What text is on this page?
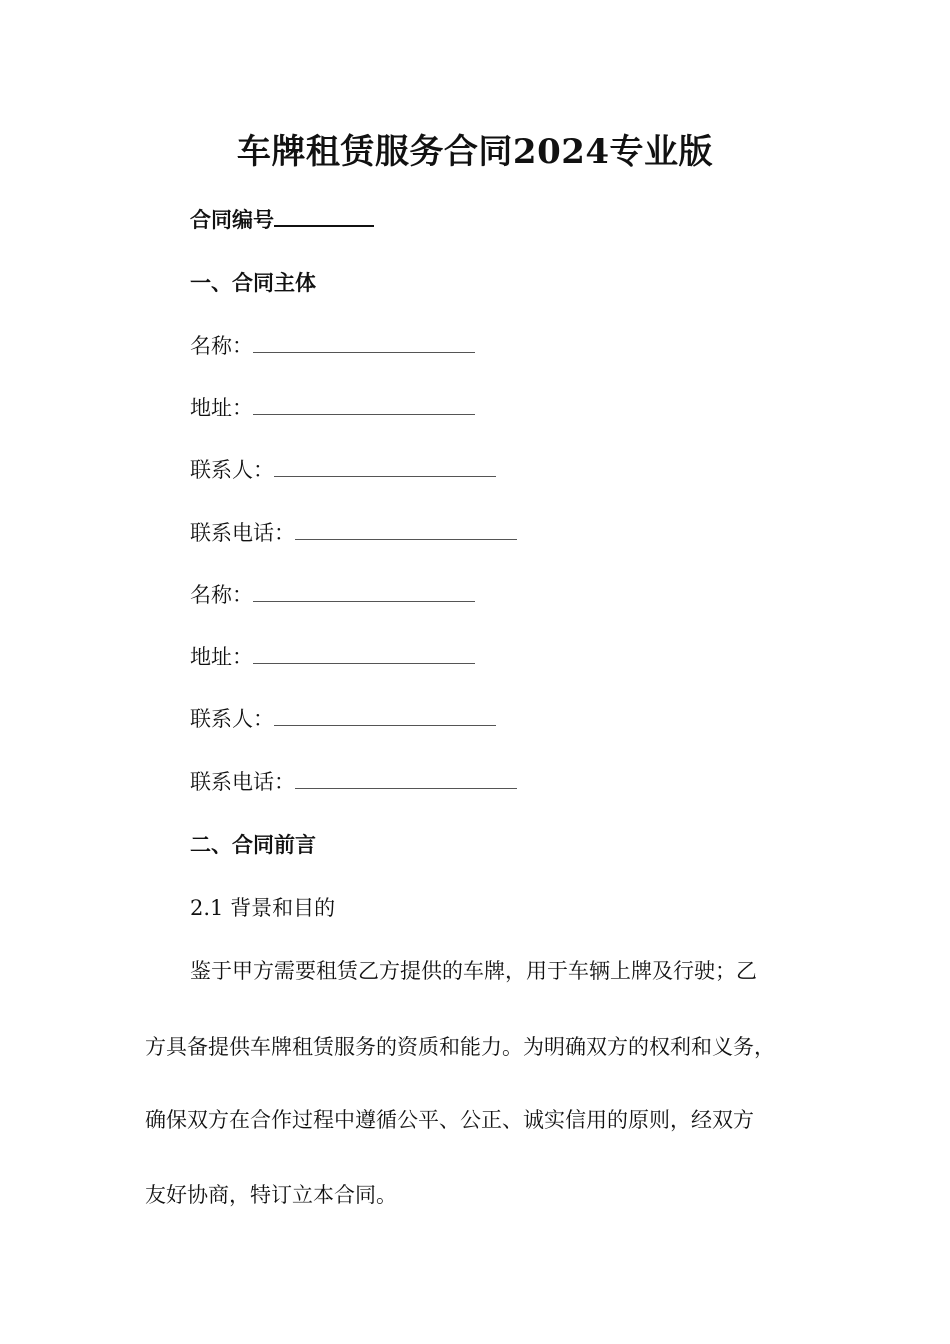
车牌租赁服务合同2024专业版
合同编号
一、合同主体
名称：
地址：
联系人：
联系电话：
名称：
地址：
联系人：
联系电话：
二、合同前言
2.1 背景和目的
鉴于甲方需要租赁乙方提供的车牌，用于车辆上牌及行驶；乙
方具备提供车牌租赁服务的资质和能力。为明确双方的权利和义务，
确保双方在合作过程中遵循公平、公正、诚实信用的原则，经双方
友好协商，特订立本合同。
